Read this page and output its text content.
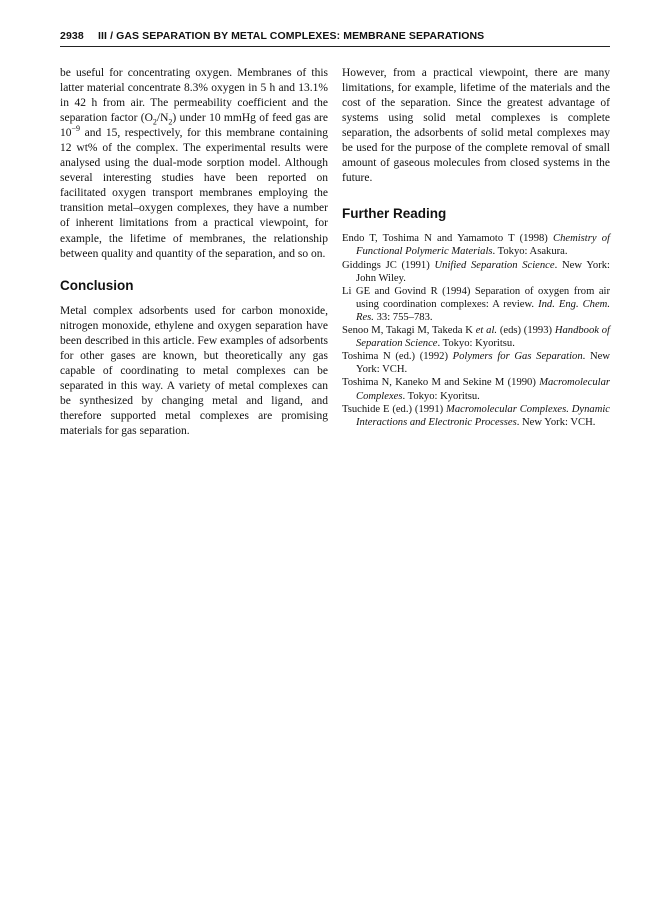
2938 III / GAS SEPARATION BY METAL COMPLEXES: MEMBRANE SEPARATIONS

be useful for concentrating oxygen. Membranes of this latter material concentrate 8.3% oxygen in 5 h and 13.1% in 42 h from air. The permeability coefficient and the separation factor $(O_2/N_2)$ under 10 mmHg of feed gas are $10^{-9}$ and 15, respectively, for this membrane containing 12 wt% of the complex. The experimental results were analysed using the dual-mode sorption model. Although several interesting studies have been reported on facilitated oxygen transport membranes employing the transition metal–oxygen complexes, they have a number of inherent limitations from a practical viewpoint, for example, the lifetime of membranes, the relationship between quality and quantity of the separation, and so on.

Conclusion

Metal complex adsorbents used for carbon monoxide, nitrogen monoxide, ethylene and oxygen separation have been described in this article. Few examples of adsorbents for other gases are known, but theoretically any gas capable of coordinating to metal complexes can be separated in this way. A variety of metal complexes can be synthesized by changing metal and ligand, and therefore supported metal complexes are promising materials for gas separation.

However, from a practical viewpoint, there are many limitations, for example, lifetime of the materials and the cost of the separation. Since the greatest advantage of systems using solid metal complexes is complete separation, the adsorbents of solid metal complexes may be used for the purpose of the complete removal of small amount of gaseous molecules from closed systems in the future.

Further Reading

Endo T, Toshima N and Yamamoto T (1998) Chemistry of Functional Polymeric Materials. Tokyo: Asakura.

Giddings JC (1991) Unified Separation Science. New York: John Wiley.

Li GE and Govind R (1994) Separation of oxygen from air using coordination complexes: A review. Ind. Eng. Chem. Res. 33: 755–783.

Senoo M, Takagi M, Takeda K et al. (eds) (1993) Handbook of Separation Science. Tokyo: Kyoritsu.

Toshima N (ed.) (1992) Polymers for Gas Separation. New York: VCH.

Toshima N, Kaneko M and Sekine M (1990) Macromolecular Complexes. Tokyo: Kyoritsu.

Tsuchide E (ed.) (1991) Macromolecular Complexes. Dynamic Interactions and Electronic Processes. New York: VCH.
